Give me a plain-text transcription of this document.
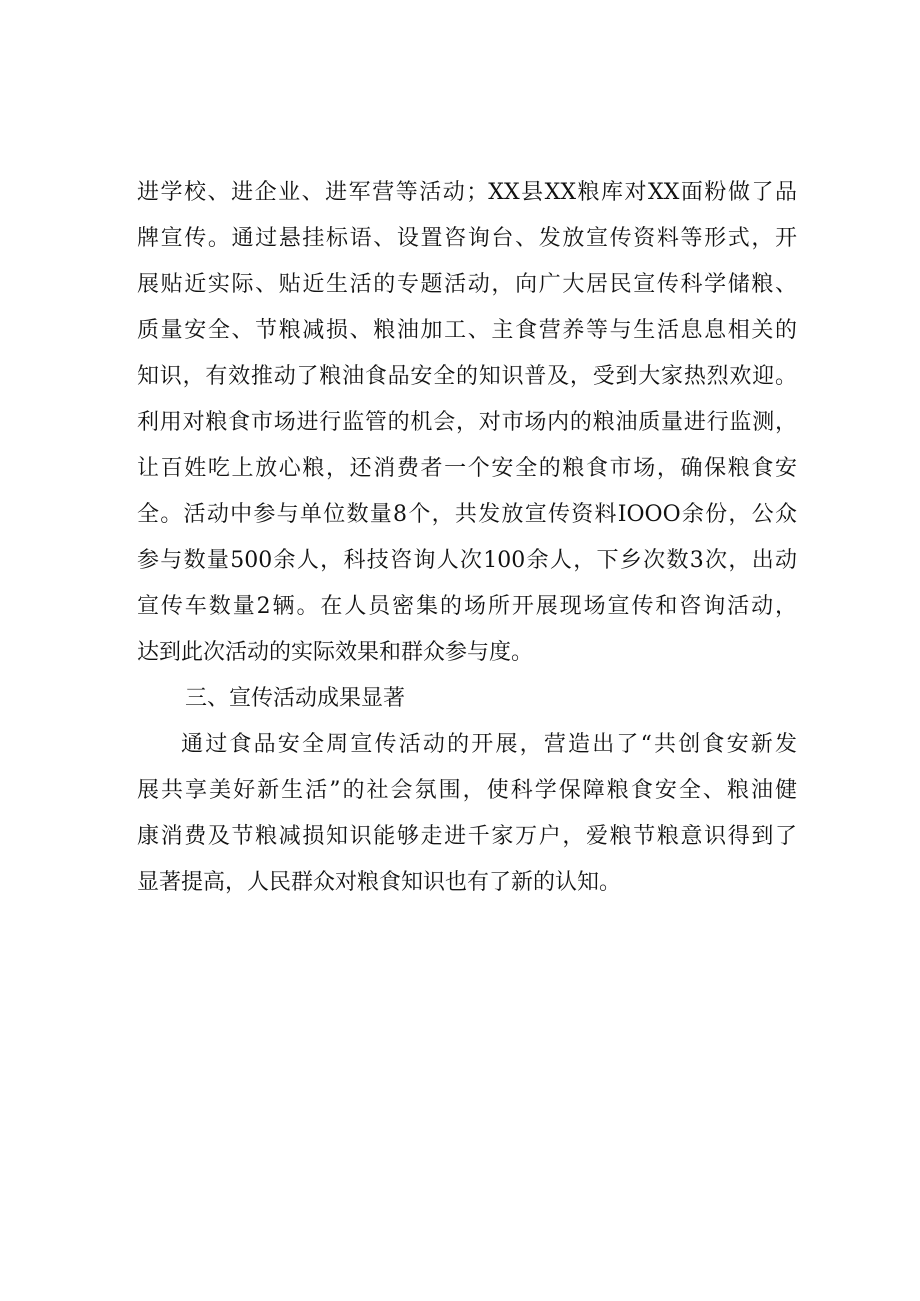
进学校、进企业、进军营等活动；XX县XX粮库对XX面粉做了品
牌宣传。通过悬挂标语、设置咨询台、发放宣传资料等形式，开
展贴近实际、贴近生活的专题活动，向广大居民宣传科学储粮、
质量安全、节粮减损、粮油加工、主食营养等与生活息息相关的
知识，有效推动了粮油食品安全的知识普及，受到大家热烈欢迎。
利用对粮食市场进行监管的机会，对市场内的粮油质量进行监测，
让百姓吃上放心粮，还消费者一个安全的粮食市场，确保粮食安
全。活动中参与单位数量8个，共发放宣传资料IOOO余份，公众
参与数量500余人，科技咨询人次100余人，下乡次数3次，出动
宣传车数量2辆。在人员密集的场所开展现场宣传和咨询活动，
达到此次活动的实际效果和群众参与度。
三、宣传活动成果显著
通过食品安全周宣传活动的开展，营造出了“共创食安新发
展共享美好新生活”的社会氛围，使科学保障粮食安全、粮油健
康消费及节粮减损知识能够走进千家万户，爱粮节粮意识得到了
显著提高，人民群众对粮食知识也有了新的认知。
